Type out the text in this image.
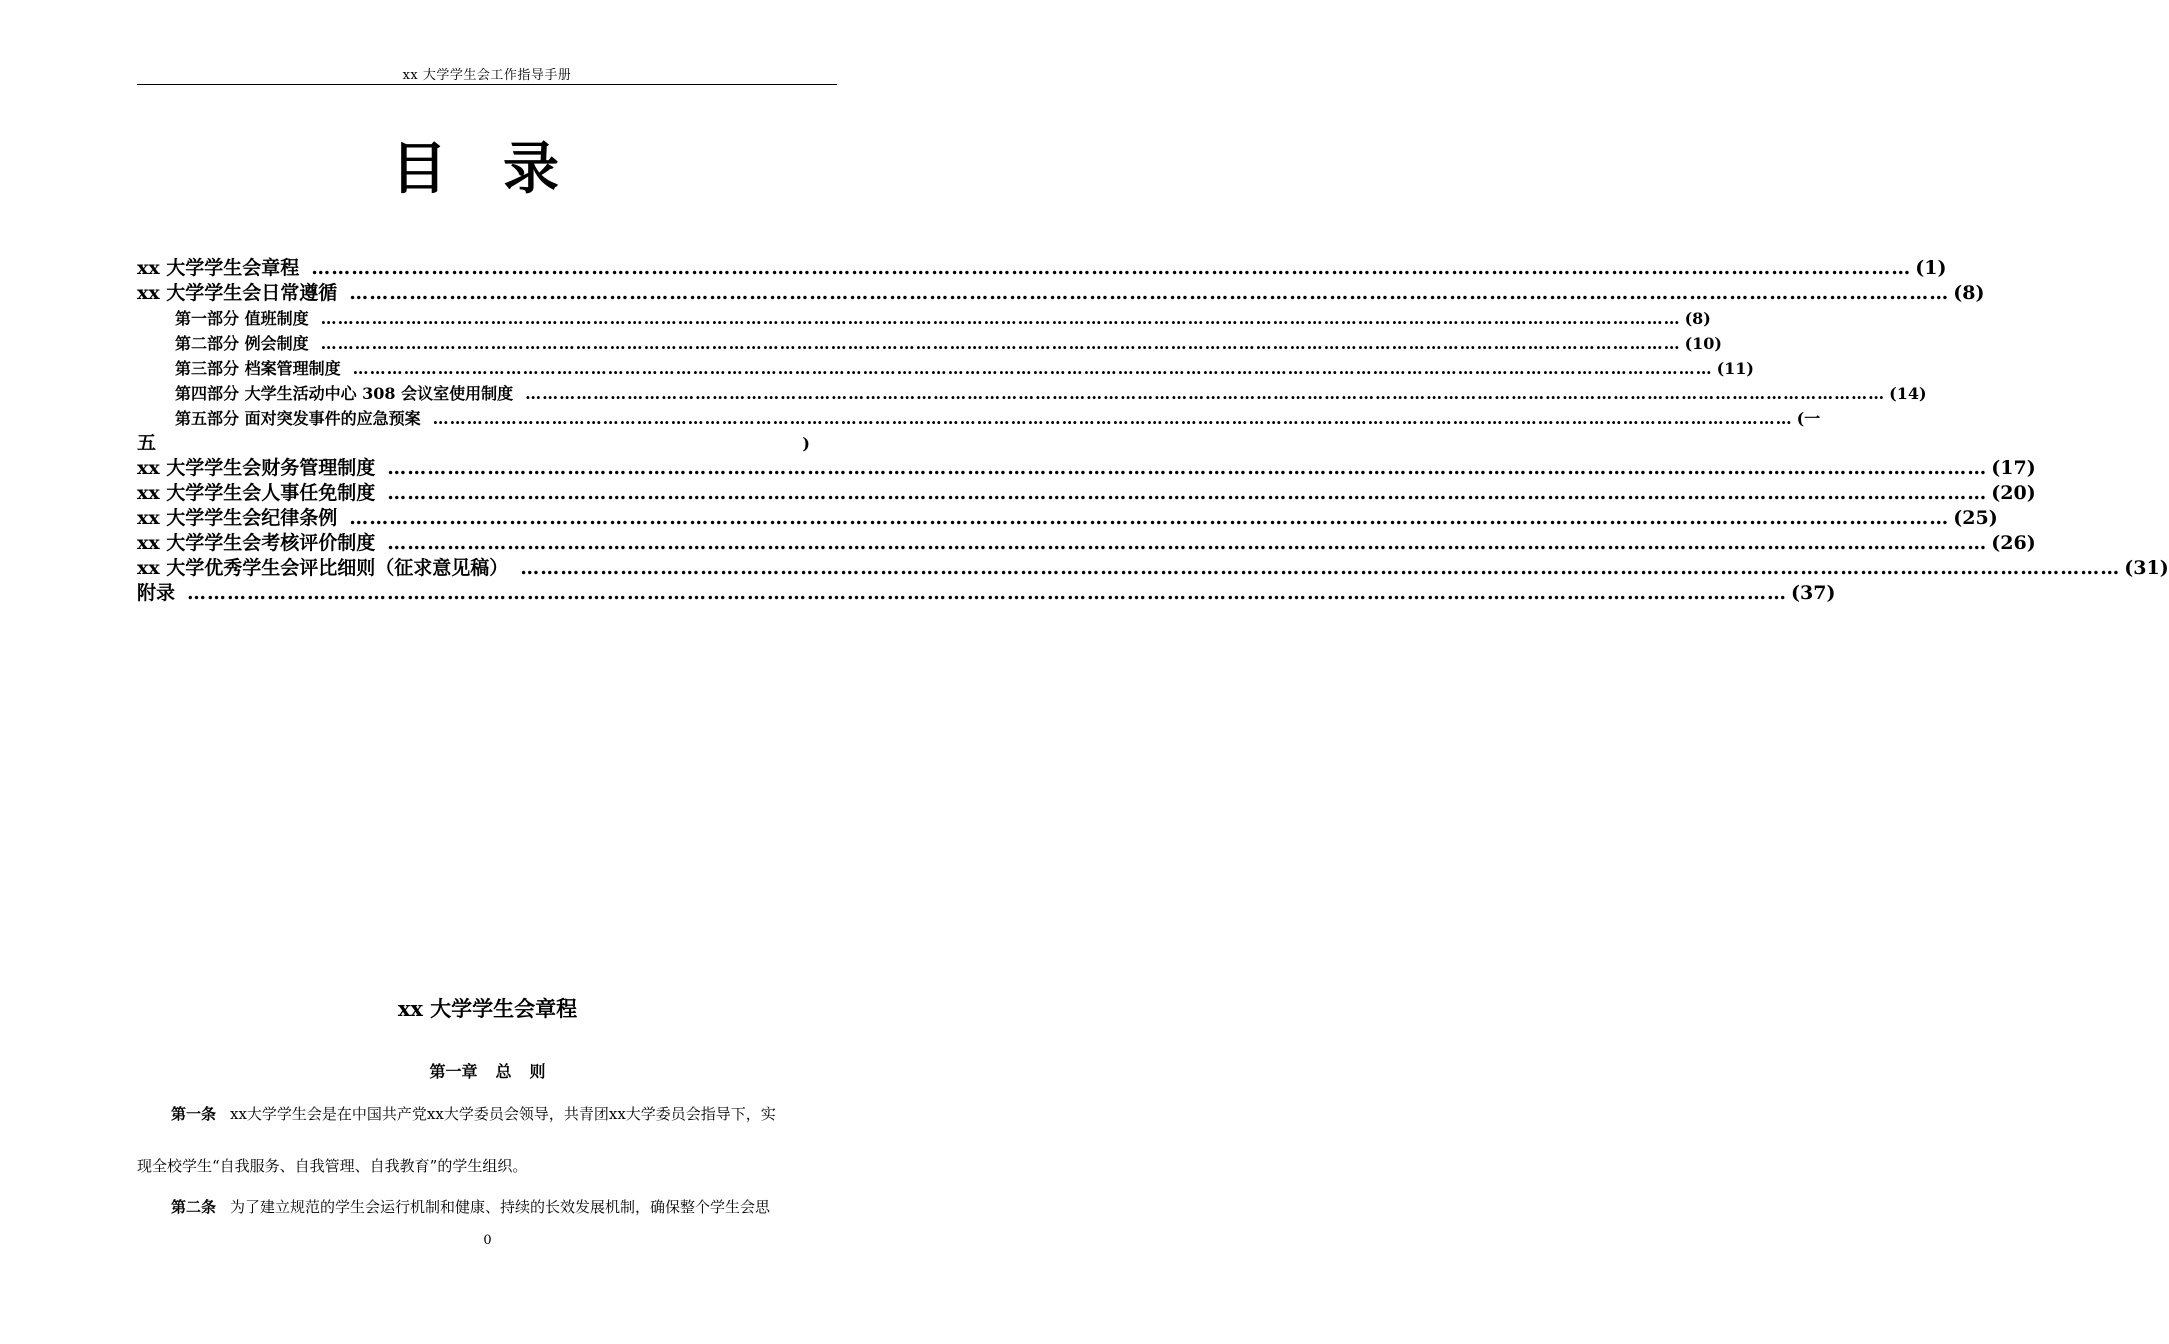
xx 大学学生会工作指导手册
目 录
xx 大学学生会章程 …………………………………………………………………………………………………………………………………………………………………………………………………………………… (1)
xx 大学学生会日常遵循 …………………………………………………………………………………………………………………………………………………………………………………………………………………… (8)
第一部分 值班制度 …………………………………………………………………………………………………………………………………………………………………………………………………………………… (8)
第二部分 例会制度 …………………………………………………………………………………………………………………………………………………………………………………………………………………… (10)
第三部分 档案管理制度 …………………………………………………………………………………………………………………………………………………………………………………………………………………… (11)
第四部分 大学生活动中心 308 会议室使用制度 …………………………………………………………………………………………………………………………………………………………………………………………………………………… (14)
第五部分 面对突发事件的应急预案 …………………………………………………………………………………………………………………………………………………………………………………………………………………… (一
五	)
xx 大学学生会财务管理制度 …………………………………………………………………………………………………………………………………………………………………………………………………………………… (17)
xx 大学学生会人事任免制度 …………………………………………………………………………………………………………………………………………………………………………………………………………………… (20)
xx 大学学生会纪律条例 …………………………………………………………………………………………………………………………………………………………………………………………………………………… (25)
xx 大学学生会考核评价制度 …………………………………………………………………………………………………………………………………………………………………………………………………………………… (26)
xx 大学优秀学生会评比细则（征求意见稿） …………………………………………………………………………………………………………………………………………………………………………………………………………………… (31)
附录 …………………………………………………………………………………………………………………………………………………………………………………………………………………… (37)
xx 大学学生会章程
第一章 总 则
第一条 xx大学学生会是在中国共产党xx大学委员会领导，共青团xx大学委员会指导下，实
现全校学生“自我服务、自我管理、自我教育”的学生组织。
第二条 为了建立规范的学生会运行机制和健康、持续的长效发展机制，确保整个学生会思
0
